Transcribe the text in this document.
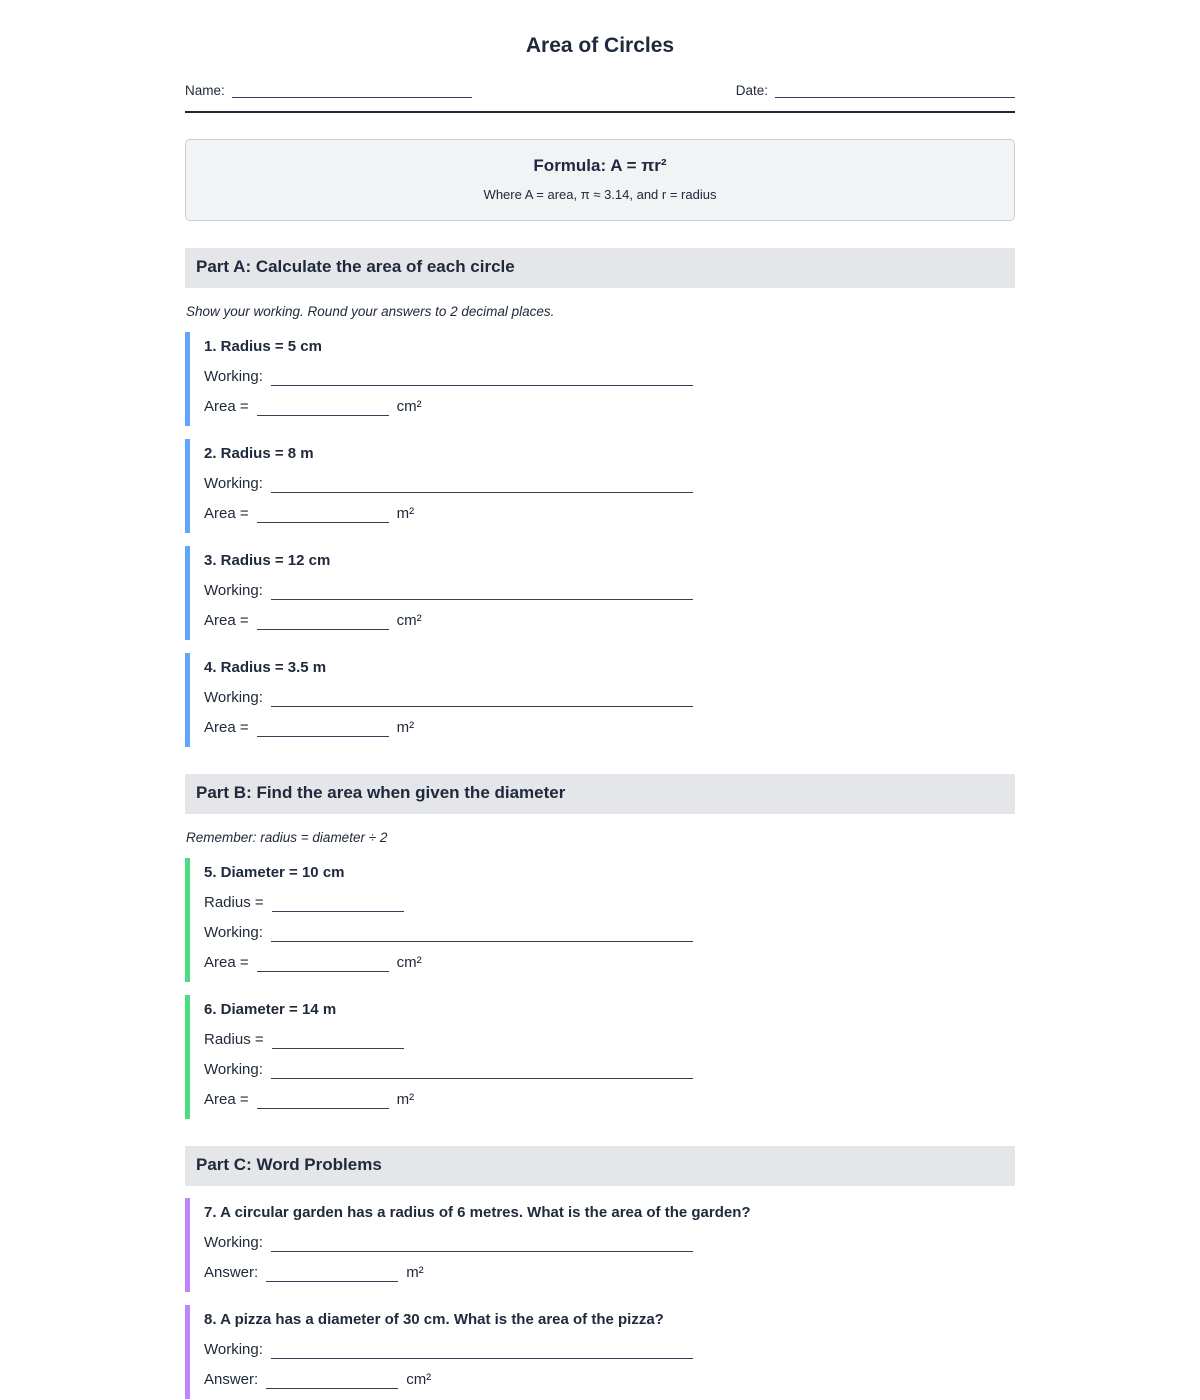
Area of Circles
Name:	Date:
Formula: A = πr²
Where A = area, π ≈ 3.14, and r = radius
Part A: Calculate the area of each circle
Show your working. Round your answers to 2 decimal places.
1. Radius = 5 cm
Working:
Area =	cm²
2. Radius = 8 m
Working:
Area =	m²
3. Radius = 12 cm
Working:
Area =	cm²
4. Radius = 3.5 m
Working:
Area =	m²
Part B: Find the area when given the diameter
Remember: radius = diameter ÷ 2
5. Diameter = 10 cm
Radius =
Working:
Area =	cm²
6. Diameter = 14 m
Radius =
Working:
Area =	m²
Part C: Word Problems
7. A circular garden has a radius of 6 metres. What is the area of the garden?
Working:
Answer:	m²
8. A pizza has a diameter of 30 cm. What is the area of the pizza?
Working:
Answer:	cm²
